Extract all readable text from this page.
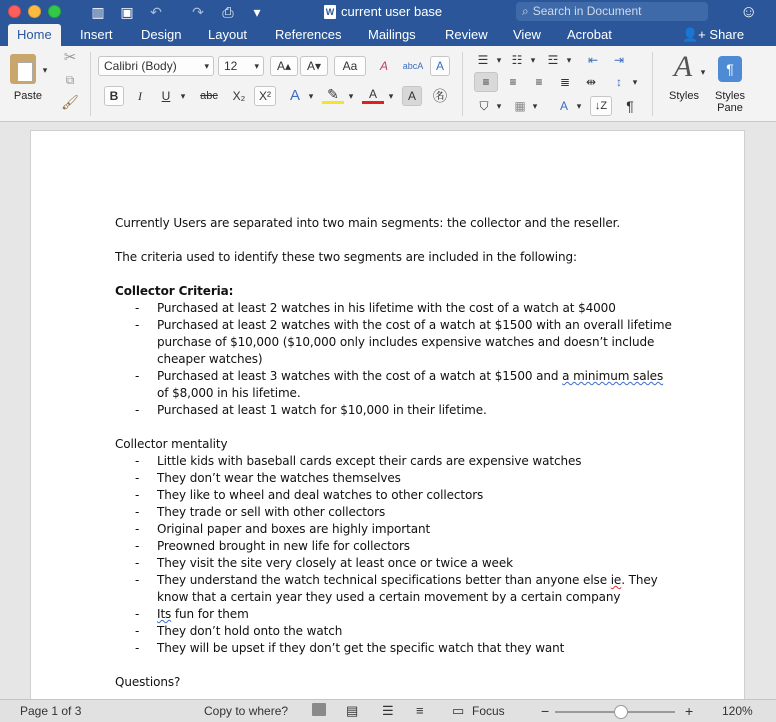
▥ ▣ ↶ ↷	⎙	▾	W current user base	⌕ Search in Document	☺
Home	Insert	Design	Layout	References	Mailings	Review	View	Acrobat	👤+ Share
▾
Paste
✂
⧉
🖌
Calibri (Body)	▾	12 ▾	A▴	A▾	Aa	A	abcA	A
B	I	U	▾	abc	X₂	X²	A ▾ ✎	▾	A	▾	A	㊔
☰ ▾ ☷ ▾	☲ ▾	⇤	⇥
≡	≡	≡	≣	⇹	↕	▾
⛉ ▾	▦ ▾	A ▾	↓Z	¶
A ▾
Styles
¶
Styles
Pane
Currently Users are separated into two main segments: the collector and the reseller.
The criteria used to identify these two segments are included in the following:
Collector Criteria:
- Purchased at least 2 watches in his lifetime with the cost of a watch at $4000
- Purchased at least 2 watches with the cost of a watch at $1500 with an overall lifetime purchase of $10,000 ($10,000 only includes expensive watches and doesn’t include cheaper watches)
- Purchased at least 3 watches with the cost of a watch at $1500 and a minimum sales of $8,000 in his lifetime.
- Purchased at least 1 watch for $10,000 in their lifetime.
Collector mentality
- Little kids with baseball cards except their cards are expensive watches
- They don’t wear the watches themselves
- They like to wheel and deal watches to other collectors
- They trade or sell with other collectors
- Original paper and boxes are highly important
- Preowned brought in new life for collectors
- They visit the site very closely at least once or twice a week
- They understand the watch technical specifications better than anyone else ie. They know that a certain year they used a certain movement by a certain company
- Its fun for them
- They don’t hold onto the watch
- They will be upset if they don’t get the specific watch that they want
Questions?
Page 1 of 3	Copy to where?	▤ ☰ ≡ ▭ Focus	−	+ 120%
